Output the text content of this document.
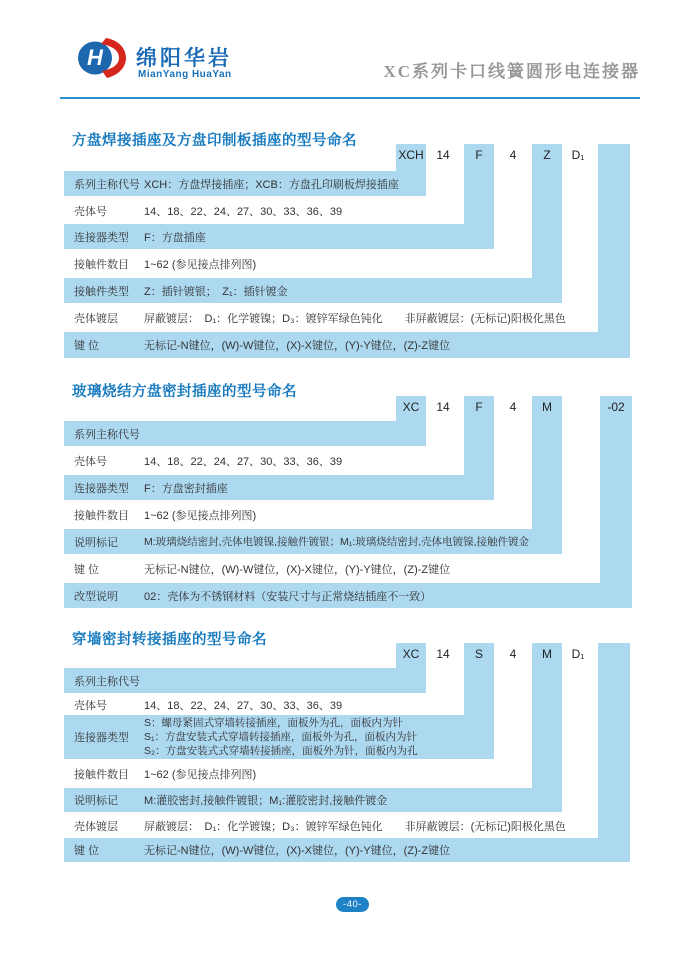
H 绵阳华岩
MianYang HuaYan	XC系列卡口线簧圆形电连接器
方盘焊接插座及方盘印制板插座的型号命名
XCH	14	F	4	Z	D₁
系列主称代号 XCH：方盘焊接插座；XCB：方盘孔印刷板焊接插座
壳体号	14、18、22、24、27、30、33、36、39
连接器类型	F：方盘插座
接触件数目	1~62 (参见接点排列图)
接触件类型	Z：插针镀银；　Z₁：插针镀金
壳体镀层	屏蔽镀层：　D₁：化学镀镍；D₃：镀锌军绿色钝化　　非屏蔽镀层：(无标记)阳极化黑色
键 位	无标记-N键位，(W)-W键位，(X)-X键位，(Y)-Y键位，(Z)-Z键位
玻璃烧结方盘密封插座的型号命名
XC	14	F	4	M	-02
系列主称代号
壳体号	14、18、22、24、27、30、33、36、39
连接器类型	F：方盘密封插座
接触件数目	1~62 (参见接点排列图)
说明标记	M:玻璃烧结密封,壳体电镀镍,接触件镀银；M₁:玻璃烧结密封,壳体电镀镍,接触件镀金
键 位	无标记-N键位，(W)-W键位，(X)-X键位，(Y)-Y键位，(Z)-Z键位
改型说明	02：壳体为不锈钢材料（安装尺寸与正常烧结插座不一致）
穿墙密封转接插座的型号命名
XC	14	S	4	M	D₁
系列主称代号
壳体号	14、18、22、24、27、30、33、36、39
连接器类型
S：螺母紧固式穿墙转接插座，面板外为孔，面板内为针
S₁：方盘安装式式穿墙转接插座，面板外为孔，面板内为针
S₂：方盘安装式式穿墙转接插座，面板外为针，面板内为孔
接触件数目	1~62 (参见接点排列图)
说明标记	M:灌胶密封,接触件镀银；M₁:灌胶密封,接触件镀金
壳体镀层	屏蔽镀层：　D₁：化学镀镍；D₃：镀锌军绿色钝化　　非屏蔽镀层：(无标记)阳极化黑色
键 位	无标记-N键位，(W)-W键位，(X)-X键位，(Y)-Y键位，(Z)-Z键位
-40-
